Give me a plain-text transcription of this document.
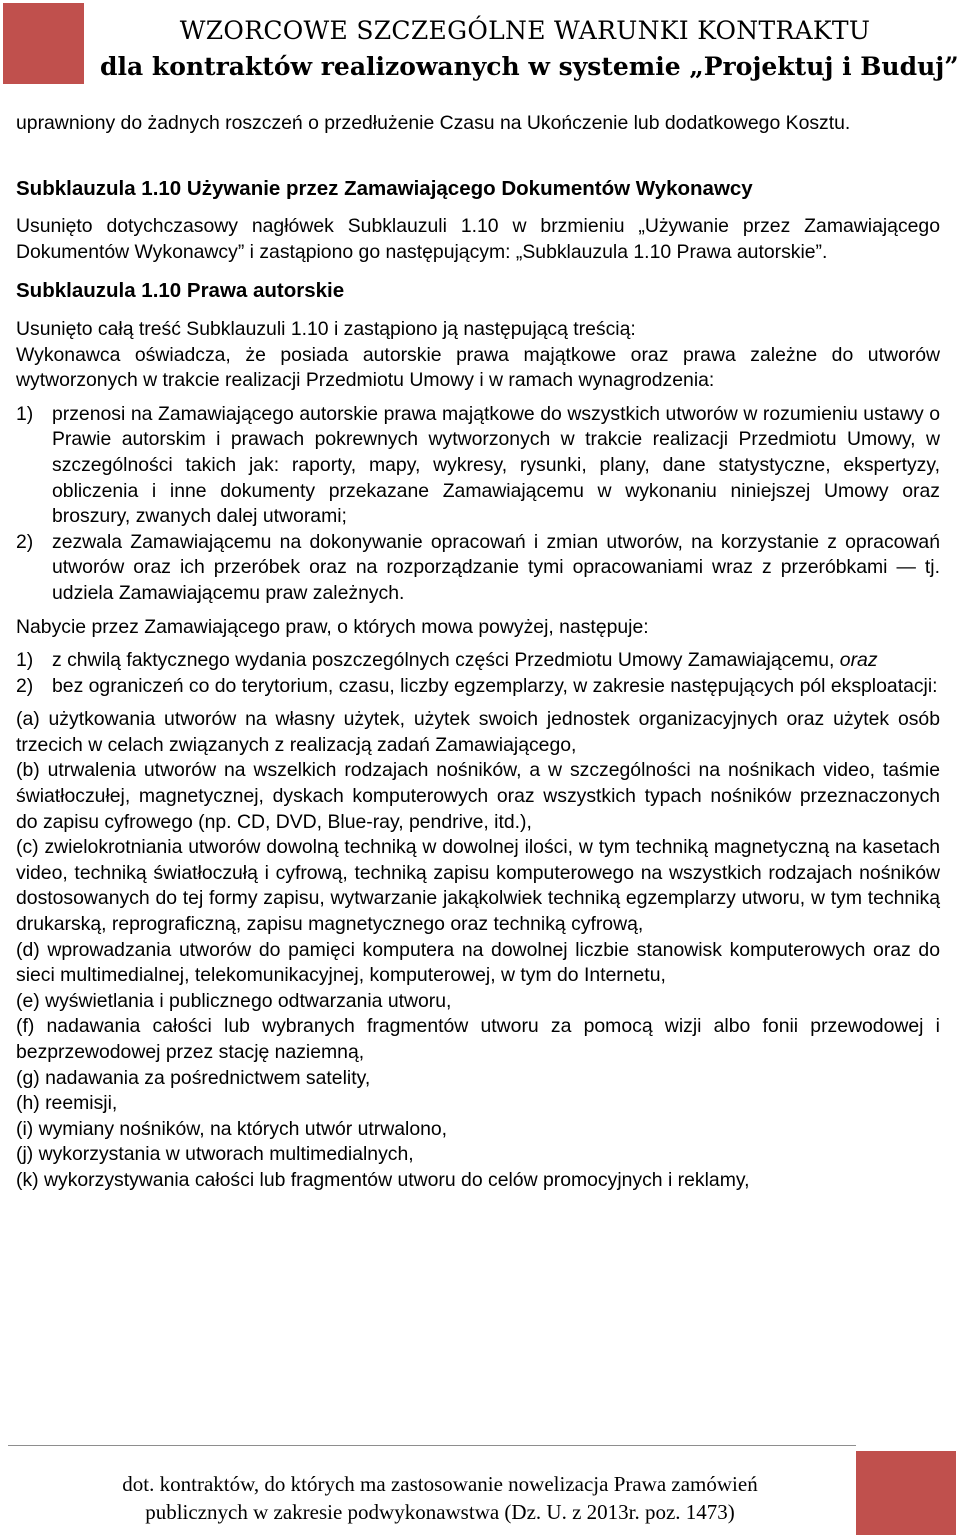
WZORCOWE SZCZEGÓLNE WARUNKI KONTRAKTU
dla kontraktów realizowanych w systemie „Projektuj i Buduj”

uprawniony do żadnych roszczeń o przedłużenie Czasu na Ukończenie lub dodatkowego Kosztu.

Subklauzula 1.10 Używanie przez Zamawiającego Dokumentów Wykonawcy

Usunięto dotychczasowy nagłówek Subklauzuli 1.10 w brzmieniu „Używanie przez Zamawiającego Dokumentów Wykonawcy” i zastąpiono go następującym: „Subklauzula 1.10 Prawa autorskie”.

Subklauzula 1.10 Prawa autorskie

Usunięto całą treść Subklauzuli 1.10 i zastąpiono ją następującą treścią:

Wykonawca oświadcza, że posiada autorskie prawa majątkowe oraz prawa zależne do utworów wytworzonych w trakcie realizacji Przedmiotu Umowy i w ramach wynagrodzenia:

1) przenosi na Zamawiającego autorskie prawa majątkowe do wszystkich utworów w rozumieniu ustawy o Prawie autorskim i prawach pokrewnych wytworzonych w trakcie realizacji Przedmiotu Umowy, w szczególności takich jak: raporty, mapy, wykresy, rysunki, plany, dane statystyczne, ekspertyzy, obliczenia i inne dokumenty przekazane Zamawiającemu w wykonaniu niniejszej Umowy oraz broszury, zwanych dalej utworami;
2) zezwala Zamawiającemu na dokonywanie opracowań i zmian utworów, na korzystanie z opracowań utworów oraz ich przeróbek oraz na rozporządzanie tymi opracowaniami wraz z przeróbkami — tj. udziela Zamawiającemu praw zależnych.

Nabycie przez Zamawiającego praw, o których mowa powyżej, następuje:

1) z chwilą faktycznego wydania poszczególnych części Przedmiotu Umowy Zamawiającemu, oraz
2) bez ograniczeń co do terytorium, czasu, liczby egzemplarzy, w zakresie następujących pól eksploatacji:

(a) użytkowania utworów na własny użytek, użytek swoich jednostek organizacyjnych oraz użytek osób trzecich w celach związanych z realizacją zadań Zamawiającego,

(b) utrwalenia utworów na wszelkich rodzajach nośników, a w szczególności na nośnikach video, taśmie światłoczułej, magnetycznej, dyskach komputerowych oraz wszystkich typach nośników przeznaczonych do zapisu cyfrowego (np. CD, DVD, Blue-ray, pendrive, itd.),

(c) zwielokrotniania utworów dowolną techniką w dowolnej ilości, w tym techniką magnetyczną na kasetach video, techniką światłoczułą i cyfrową, techniką zapisu komputerowego na wszystkich rodzajach nośników dostosowanych do tej formy zapisu, wytwarzanie jakąkolwiek techniką egzemplarzy utworu, w tym techniką drukarską, reprograficzną, zapisu magnetycznego oraz techniką cyfrową,

(d) wprowadzania utworów do pamięci komputera na dowolnej liczbie stanowisk komputerowych oraz do sieci multimedialnej, telekomunikacyjnej, komputerowej, w tym do Internetu,

(e) wyświetlania i publicznego odtwarzania utworu,

(f) nadawania całości lub wybranych fragmentów utworu za pomocą wizji albo fonii przewodowej i bezprzewodowej przez stację naziemną,

(g) nadawania za pośrednictwem satelity,

(h) reemisji,

(i) wymiany nośników, na których utwór utrwalono,

(j) wykorzystania w utworach multimedialnych,

(k) wykorzystywania całości lub fragmentów utworu do celów promocyjnych i reklamy,

dot. kontraktów, do których ma zastosowanie nowelizacja Prawa zamówień
publicznych w zakresie podwykonawstwa (Dz. U. z 2013r. poz. 1473)
